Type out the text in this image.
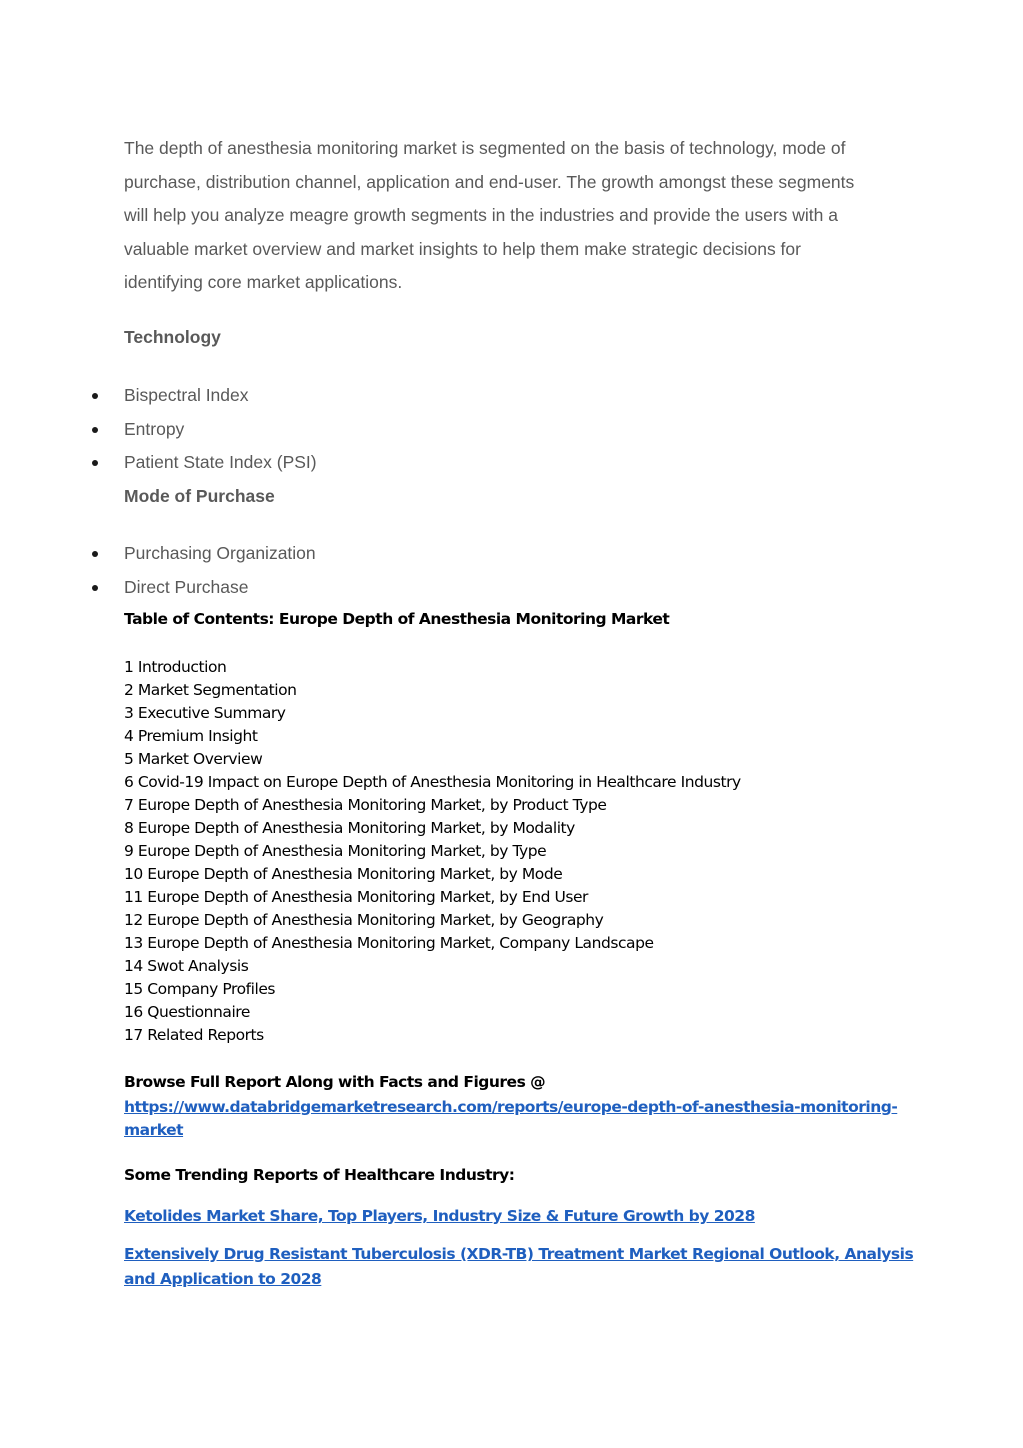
The depth of anesthesia monitoring market is segmented on the basis of technology, mode of
purchase, distribution channel, application and end-user. The growth amongst these segments
will help you analyze meagre growth segments in the industries and provide the users with a
valuable market overview and market insights to help them make strategic decisions for
identifying core market applications.

Technology
Bispectral Index
Entropy
Patient State Index (PSI)
Mode of Purchase
Purchasing Organization
Direct Purchase

Table of Contents: Europe Depth of Anesthesia Monitoring Market

1 Introduction
2 Market Segmentation
3 Executive Summary
4 Premium Insight
5 Market Overview
6 Covid-19 Impact on Europe Depth of Anesthesia Monitoring in Healthcare Industry
7 Europe Depth of Anesthesia Monitoring Market, by Product Type
8 Europe Depth of Anesthesia Monitoring Market, by Modality
9 Europe Depth of Anesthesia Monitoring Market, by Type
10 Europe Depth of Anesthesia Monitoring Market, by Mode
11 Europe Depth of Anesthesia Monitoring Market, by End User
12 Europe Depth of Anesthesia Monitoring Market, by Geography
13 Europe Depth of Anesthesia Monitoring Market, Company Landscape
14 Swot Analysis
15 Company Profiles
16 Questionnaire
17 Related Reports

Browse Full Report Along with Facts and Figures @

https://www.databridgemarketresearch.com/reports/europe-depth-of-anesthesia-monitoring-
market

Some Trending Reports of Healthcare Industry:

Ketolides Market Share, Top Players, Industry Size & Future Growth by 2028
Extensively Drug Resistant Tuberculosis (XDR-TB) Treatment Market Regional Outlook, Analysis
and Application to 2028
